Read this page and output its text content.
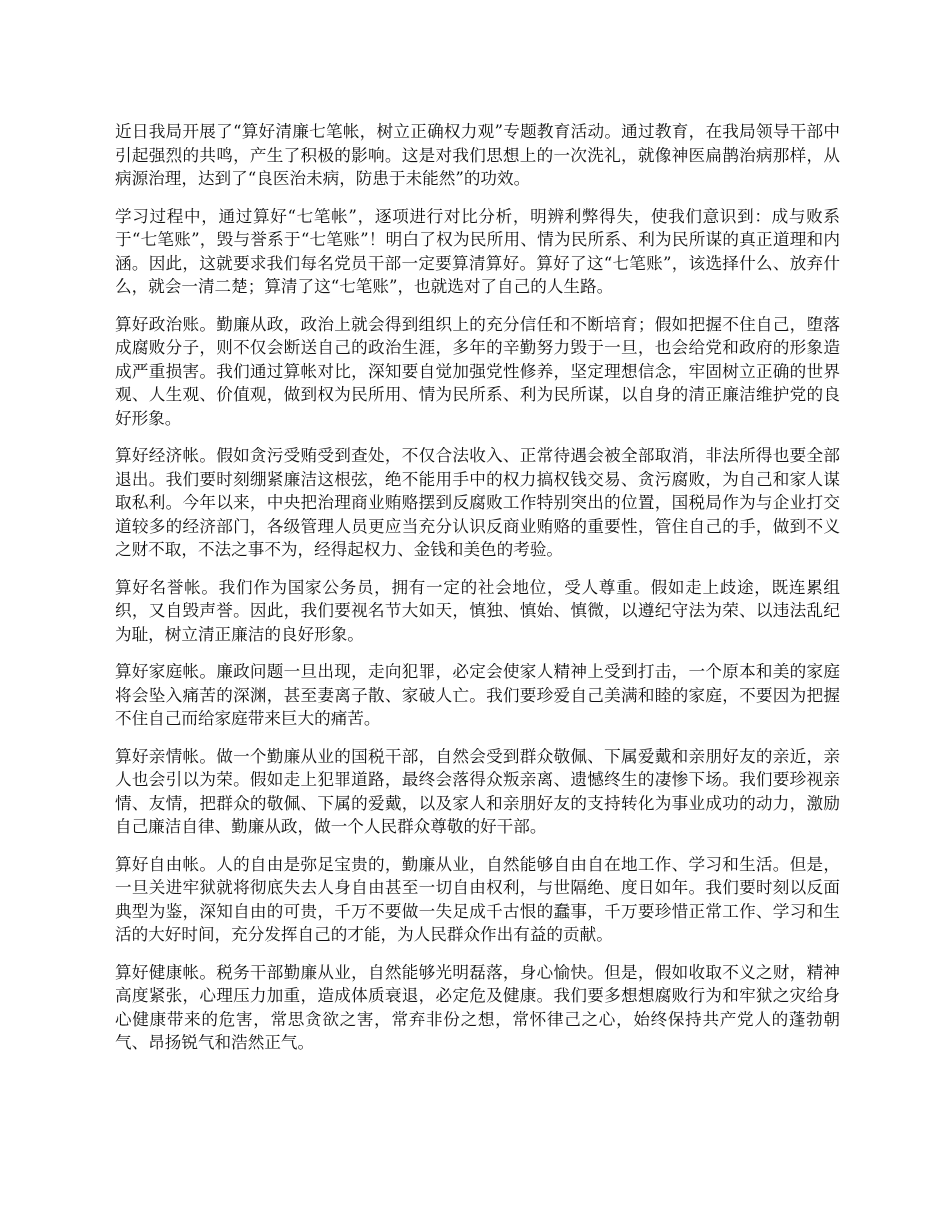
近日我局开展了“算好清廉七笔帐，树立正确权力观”专题教育活动。通过教育，在我局领导干部中引起强烈的共鸣，产生了积极的影响。这是对我们思想上的一次洗礼，就像神医扁鹊治病那样，从病源治理，达到了“良医治未病，防患于未能然”的功效。

学习过程中，通过算好“七笔帐”，逐项进行对比分析，明辨利弊得失，使我们意识到：成与败系于“七笔账”，毁与誉系于“七笔账”！明白了权为民所用、情为民所系、利为民所谋的真正道理和内涵。因此，这就要求我们每名党员干部一定要算清算好。算好了这“七笔账”，该选择什么、放弃什么，就会一清二楚；算清了这“七笔账”，也就选对了自己的人生路。

算好政治账。勤廉从政，政治上就会得到组织上的充分信任和不断培育；假如把握不住自己，堕落成腐败分子，则不仅会断送自己的政治生涯，多年的辛勤努力毁于一旦，也会给党和政府的形象造成严重损害。我们通过算帐对比，深知要自觉加强党性修养，坚定理想信念，牢固树立正确的世界观、人生观、价值观，做到权为民所用、情为民所系、利为民所谋，以自身的清正廉洁维护党的良好形象。

算好经济帐。假如贪污受贿受到查处，不仅合法收入、正常待遇会被全部取消，非法所得也要全部退出。我们要时刻绷紧廉洁这根弦，绝不能用手中的权力搞权钱交易、贪污腐败，为自己和家人谋取私利。今年以来，中央把治理商业贿赂摆到反腐败工作特别突出的位置，国税局作为与企业打交道较多的经济部门，各级管理人员更应当充分认识反商业贿赂的重要性，管住自己的手，做到不义之财不取，不法之事不为，经得起权力、金钱和美色的考验。

算好名誉帐。我们作为国家公务员，拥有一定的社会地位，受人尊重。假如走上歧途，既连累组织，又自毁声誉。因此，我们要视名节大如天，慎独、慎始、慎微，以遵纪守法为荣、以违法乱纪为耻，树立清正廉洁的良好形象。

算好家庭帐。廉政问题一旦出现，走向犯罪，必定会使家人精神上受到打击，一个原本和美的家庭将会坠入痛苦的深渊，甚至妻离子散、家破人亡。我们要珍爱自己美满和睦的家庭，不要因为把握不住自己而给家庭带来巨大的痛苦。

算好亲情帐。做一个勤廉从业的国税干部，自然会受到群众敬佩、下属爱戴和亲朋好友的亲近，亲人也会引以为荣。假如走上犯罪道路，最终会落得众叛亲离、遗憾终生的凄惨下场。我们要珍视亲情、友情，把群众的敬佩、下属的爱戴，以及家人和亲朋好友的支持转化为事业成功的动力，激励自己廉洁自律、勤廉从政，做一个人民群众尊敬的好干部。

算好自由帐。人的自由是弥足宝贵的，勤廉从业，自然能够自由自在地工作、学习和生活。但是，一旦关进牢狱就将彻底失去人身自由甚至一切自由权利，与世隔绝、度日如年。我们要时刻以反面典型为鉴，深知自由的可贵，千万不要做一失足成千古恨的蠢事，千万要珍惜正常工作、学习和生活的大好时间，充分发挥自己的才能，为人民群众作出有益的贡献。

算好健康帐。税务干部勤廉从业，自然能够光明磊落，身心愉快。但是，假如收取不义之财，精神高度紧张，心理压力加重，造成体质衰退，必定危及健康。我们要多想想腐败行为和牢狱之灾给身心健康带来的危害，常思贪欲之害，常弃非份之想，常怀律己之心，始终保持共产党人的蓬勃朝气、昂扬锐气和浩然正气。
